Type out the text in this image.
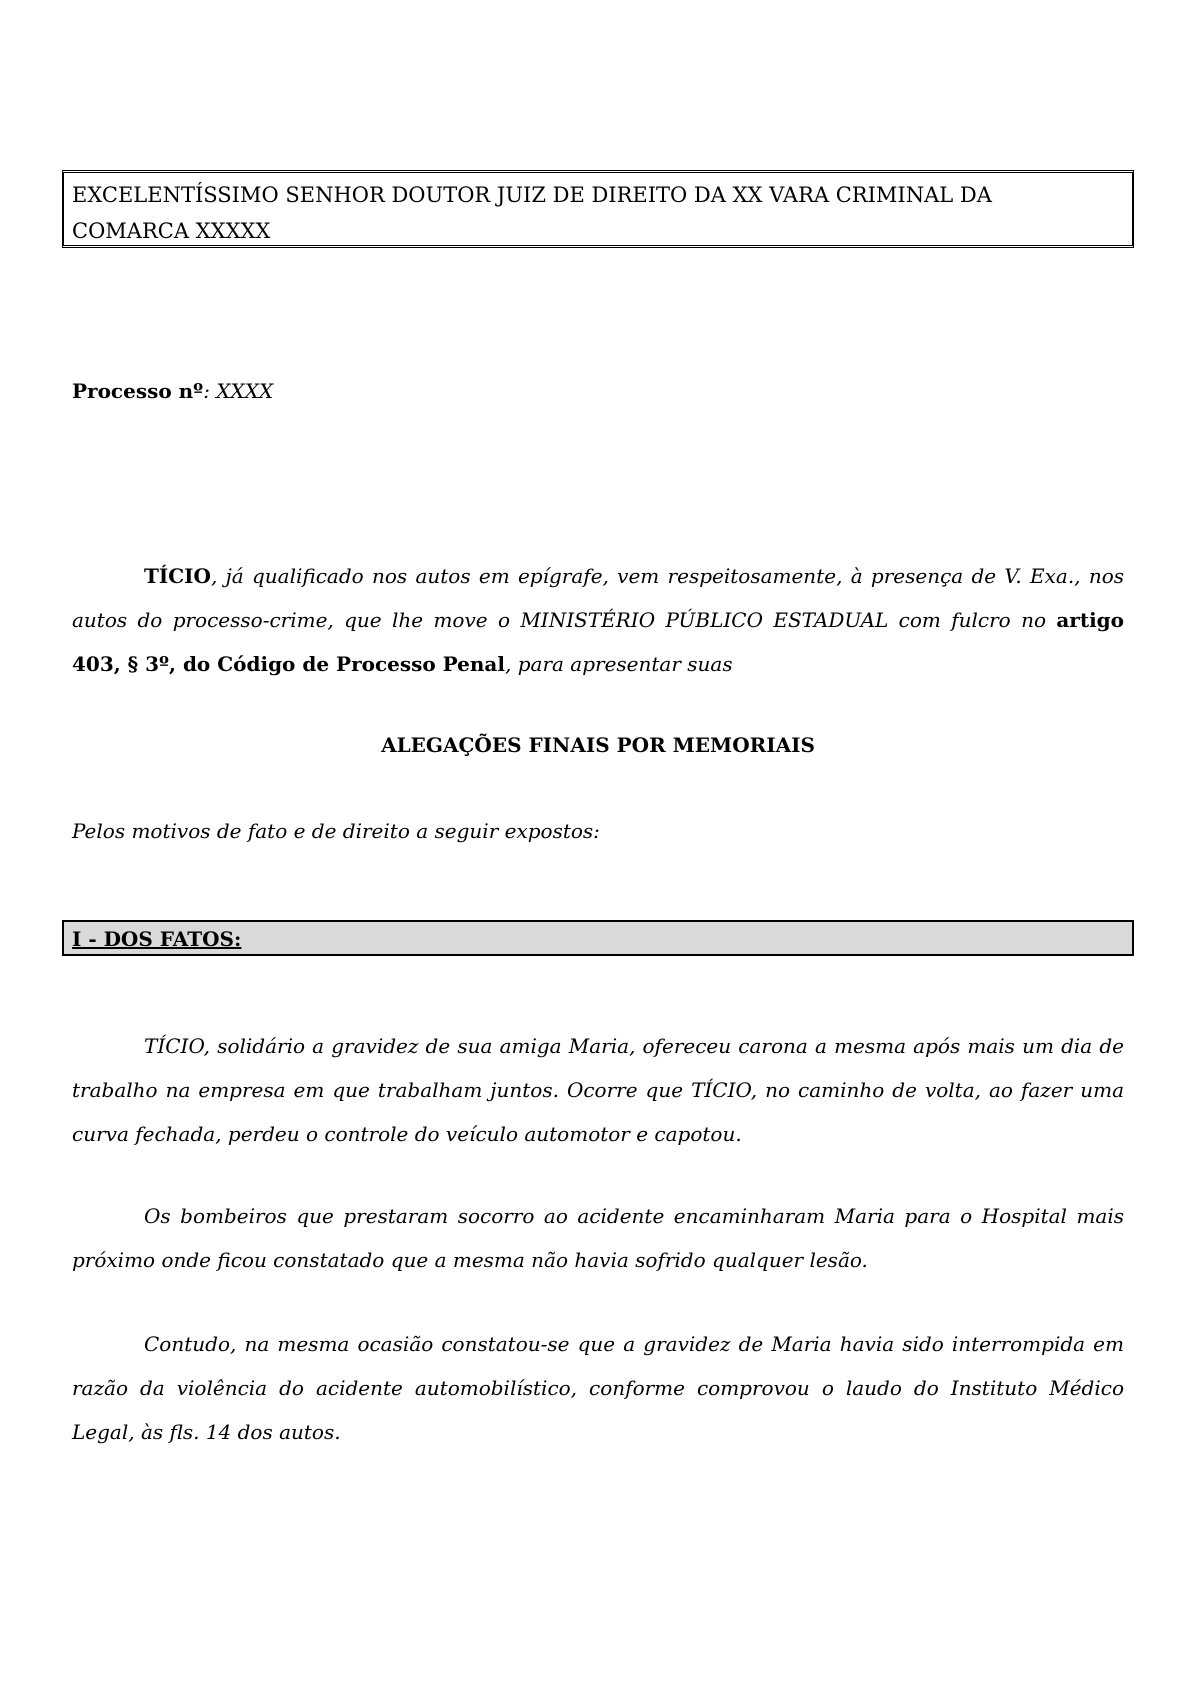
EXCELENTÍSSIMO SENHOR DOUTOR JUIZ DE DIREITO DA XX VARA CRIMINAL DA

COMARCA XXXXX

Processo nº: XXXX

TÍCIO, já qualificado nos autos em epígrafe, vem respeitosamente, à presença de V. Exa., nos autos do processo-crime, que lhe move o MINISTÉRIO PÚBLICO ESTADUAL com fulcro no artigo 403, § 3º, do Código de Processo Penal, para apresentar suas

ALEGAÇÕES FINAIS POR MEMORIAIS

Pelos motivos de fato e de direito a seguir expostos:

I - DOS FATOS:

TÍCIO, solidário a gravidez de sua amiga Maria, ofereceu carona a mesma após mais um dia de trabalho na empresa em que trabalham juntos. Ocorre que TÍCIO, no caminho de volta, ao fazer uma curva fechada, perdeu o controle do veículo automotor e capotou.

Os bombeiros que prestaram socorro ao acidente encaminharam Maria para o Hospital mais próximo onde ficou constatado que a mesma não havia sofrido qualquer lesão.

Contudo, na mesma ocasião constatou-se que a gravidez de Maria havia sido interrompida em razão da violência do acidente automobilístico, conforme comprovou o laudo do Instituto Médico Legal, às fls. 14 dos autos.
